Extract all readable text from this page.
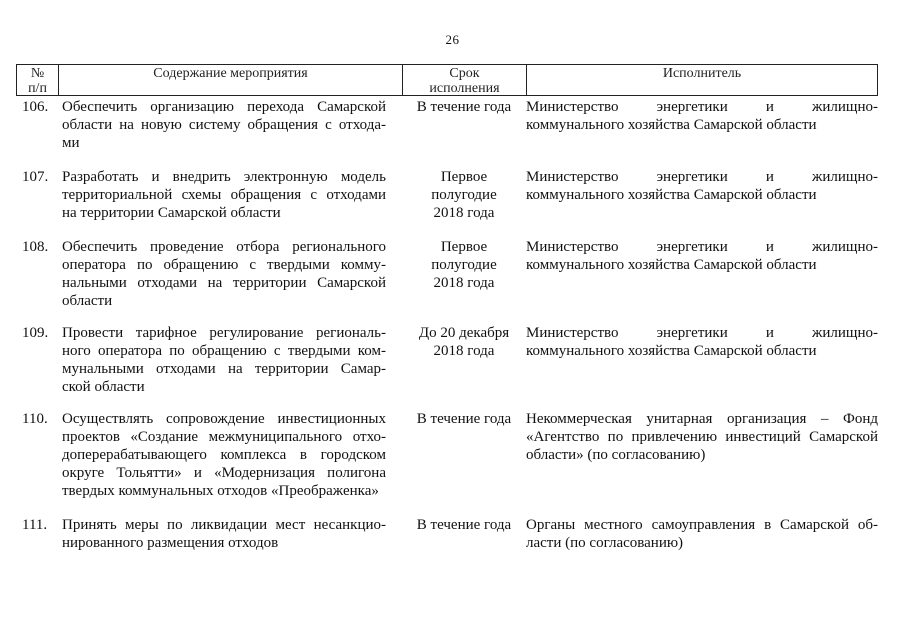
26
№
п/п
Содержание мероприятия	Срок
исполнения
Исполнитель
106. Обеспечить организацию перехода Самарской
области на новую систему обращения с отхода-
ми
В течение года Министерство энергетики и жилищно-
коммунального хозяйства Самарской области
107. Разработать и внедрить электронную модель
территориальной схемы обращения с отходами
на территории Самарской области
Первое
полугодие
2018 года
Министерство энергетики и жилищно-
коммунального хозяйства Самарской области
108. Обеспечить проведение отбора регионального
оператора по обращению с твердыми комму-
нальными отходами на территории Самарской
области
Первое
полугодие
2018 года
Министерство энергетики и жилищно-
коммунального хозяйства Самарской области
109. Провести тарифное регулирование региональ-
ного оператора по обращению с твердыми ком-
мунальными отходами на территории Самар-
ской области
До 20 декабря
2018 года
Министерство энергетики и жилищно-
коммунального хозяйства Самарской области
110. Осуществлять сопровождение инвестиционных
проектов «Создание межмуниципального отхо-
доперерабатывающего комплекса в городском
округе Тольятти» и «Модернизация полигона
твердых коммунальных отходов «Преображенка»
В течение года Некоммерческая унитарная организация – Фонд
«Агентство по привлечению инвестиций Самарской
области» (по согласованию)
111. Принять меры по ликвидации мест несанкцио-
нированного размещения отходов
В течение года Органы местного самоуправления в Самарской об-
ласти (по согласованию)
